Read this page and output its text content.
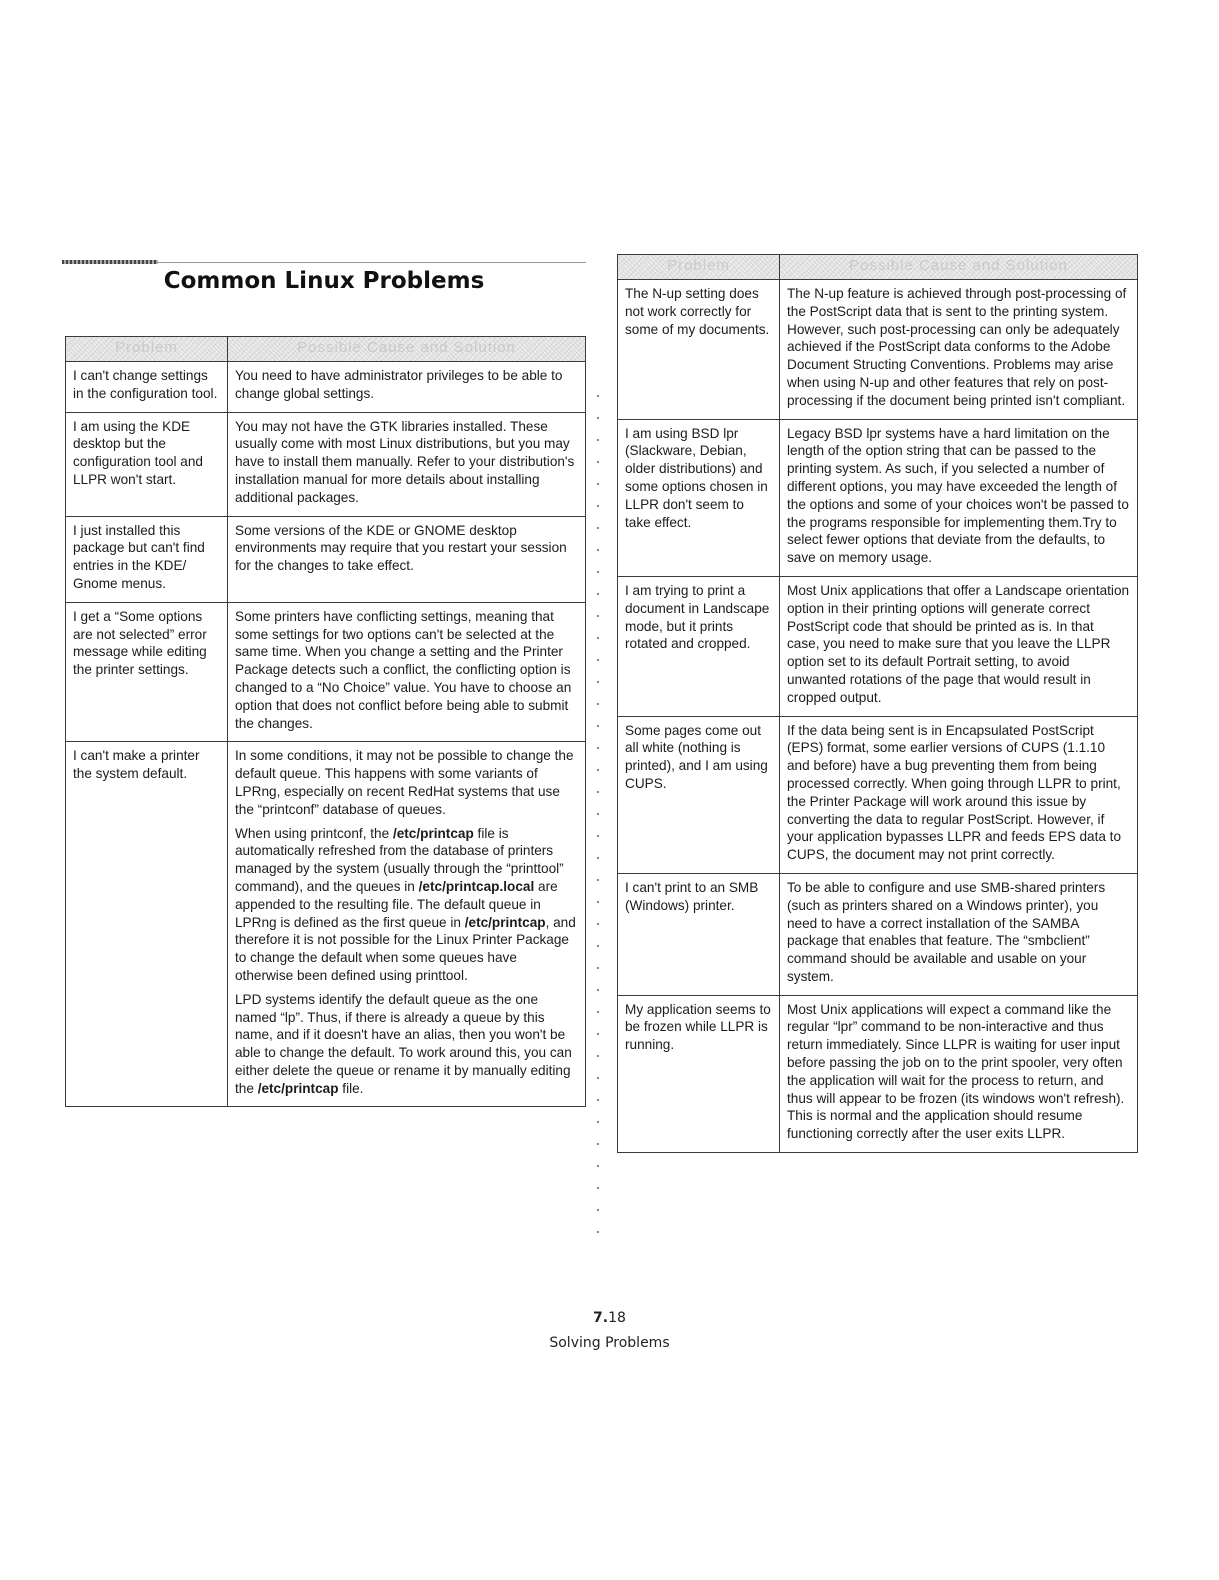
Common Linux Problems
Problem	Possible Cause and Solution
I can't change settings in the configuration tool.	You need to have administrator privileges to be able to change global settings.

I am using the KDE desktop but the configuration tool and LLPR won't start.	You may not have the GTK libraries installed. These usually come with most Linux distributions, but you may have to install them manually. Refer to your distribution's installation manual for more details about installing additional packages.

I just installed this package but can't find entries in the KDE/ Gnome menus.	Some versions of the KDE or GNOME desktop environments may require that you restart your session for the changes to take effect.

I get a “Some options are not selected” error message while editing the printer settings.	Some printers have conflicting settings, meaning that some settings for two options can't be selected at the same time. When you change a setting and the Printer Package detects such a conflict, the conflicting option is changed to a “No Choice” value. You have to choose an option that does not conflict before being able to submit the changes.

I can't make a printer the system default.	In some conditions, it may not be possible to change the default queue. This happens with some variants of LPRng, especially on recent RedHat systems that use the “printconf” database of queues.

When using printconf, the /etc/printcap file is automatically refreshed from the database of printers managed by the system (usually through the “printtool” command), and the queues in /etc/printcap.local are appended to the resulting file. The default queue in LPRng is defined as the first queue in /etc/printcap, and therefore it is not possible for the Linux Printer Package to change the default when some queues have otherwise been defined using printtool.

LPD systems identify the default queue as the one named “lp”. Thus, if there is already a queue by this name, and if it doesn't have an alias, then you won't be able to change the default. To work around this, you can either delete the queue or rename it by manually editing the /etc/printcap file.

Problem	Possible Cause and Solution
The N-up setting does not work correctly for some of my documents.	The N-up feature is achieved through post-processing of the PostScript data that is sent to the printing system. However, such post-processing can only be adequately achieved if the PostScript data conforms to the Adobe Document Structing Conventions. Problems may arise when using N-up and other features that rely on post-processing if the document being printed isn't compliant.

I am using BSD lpr (Slackware, Debian, older distributions) and some options chosen in LLPR don't seem to take effect.	Legacy BSD lpr systems have a hard limitation on the length of the option string that can be passed to the printing system. As such, if you selected a number of different options, you may have exceeded the length of the options and some of your choices won't be passed to the programs responsible for implementing them.Try to select fewer options that deviate from the defaults, to save on memory usage.

I am trying to print a document in Landscape mode, but it prints rotated and cropped.	Most Unix applications that offer a Landscape orientation option in their printing options will generate correct PostScript code that should be printed as is. In that case, you need to make sure that you leave the LLPR option set to its default Portrait setting, to avoid unwanted rotations of the page that would result in cropped output.

Some pages come out all white (nothing is printed), and I am using CUPS.	If the data being sent is in Encapsulated PostScript (EPS) format, some earlier versions of CUPS (1.1.10 and before) have a bug preventing them from being processed correctly. When going through LLPR to print, the Printer Package will work around this issue by converting the data to regular PostScript. However, if your application bypasses LLPR and feeds EPS data to CUPS, the document may not print correctly.

I can't print to an SMB (Windows) printer.	To be able to configure and use SMB-shared printers (such as printers shared on a Windows printer), you need to have a correct installation of the SAMBA package that enables that feature. The “smbclient” command should be available and usable on your system.

My application seems to be frozen while LLPR is running.	Most Unix applications will expect a command like the regular “lpr” command to be non-interactive and thus return immediately. Since LLPR is waiting for user input before passing the job on to the print spooler, very often the application will wait for the process to return, and thus will appear to be frozen (its windows won't refresh). This is normal and the application should resume functioning correctly after the user exits LLPR.

7.18
Solving Problems
